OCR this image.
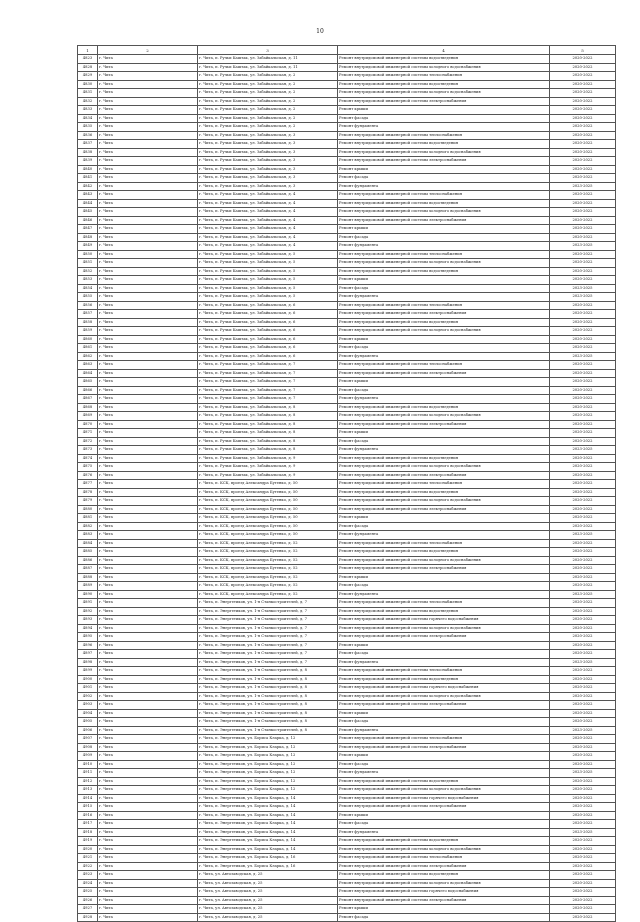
10
1	2	3	4	5
4823	г. Чита	г. Чита, п. Ручьи Каштак, ул. Забайкальская, д. 11	Ремонт внутридомовой инженерной системы водоотведения	2020-2022
4828	г. Чита	г. Чита, п. Ручьи Каштак, ул. Забайкальская, д. 11	Ремонт внутридомовой инженерной системы холодного водоснабжения	2020-2022
4829	г. Чита	г. Чита, п. Ручьи Каштак, ул. Забайкальская, д. 2	Ремонт внутридомовой инженерной системы теплоснабжения	2020-2022
4830	г. Чита	г. Чита, п. Ручьи Каштак, ул. Забайкальская, д. 2	Ремонт внутридомовой инженерной системы водоотведения	2020-2022
4831	г. Чита	г. Чита, п. Ручьи Каштак, ул. Забайкальская, д. 2	Ремонт внутридомовой инженерной системы холодного водоснабжения	2020-2022
4832	г. Чита	г. Чита, п. Ручьи Каштак, ул. Забайкальская, д. 2	Ремонт внутридомовой инженерной системы электроснабжения	2020-2022
4833	г. Чита	г. Чита, п. Ручьи Каштак, ул. Забайкальская, д. 2	Ремонт крыши	2020-2022
4834	г. Чита	г. Чита, п. Ручьи Каштак, ул. Забайкальская, д. 2	Ремонт фасада	2020-2022
4835	г. Чита	г. Чита, п. Ручьи Каштак, ул. Забайкальская, д. 2	Ремонт фундамента	2020-2022
4836	г. Чита	г. Чита, п. Ручьи Каштак, ул. Забайкальская, д. 3	Ремонт внутридомовой инженерной системы теплоснабжения	2020-2022
4837	г. Чита	г. Чита, п. Ручьи Каштак, ул. Забайкальская, д. 3	Ремонт внутридомовой инженерной системы водоотведения	2020-2022
4838	г. Чита	г. Чита, п. Ручьи Каштак, ул. Забайкальская, д. 3	Ремонт внутридомовой инженерной системы холодного водоснабжения	2020-2022
4839	г. Чита	г. Чита, п. Ручьи Каштак, ул. Забайкальская, д. 3	Ремонт внутридомовой инженерной системы электроснабжения	2020-2022
4840	г. Чита	г. Чита, п. Ручьи Каштак, ул. Забайкальская, д. 3	Ремонт крыши	2020-2022
4841	г. Чита	г. Чита, п. Ручьи Каштак, ул. Забайкальская, д. 3	Ремонт фасада	2020-2022
4842	г. Чита	г. Чита, п. Ручьи Каштак, ул. Забайкальская, д. 3	Ремонт фундамента	2023-2025
4843	г. Чита	г. Чита, п. Ручьи Каштак, ул. Забайкальская, д. 4	Ремонт внутридомовой инженерной системы теплоснабжения	2020-2022
4844	г. Чита	г. Чита, п. Ручьи Каштак, ул. Забайкальская, д. 4	Ремонт внутридомовой инженерной системы водоотведения	2020-2022
4845	г. Чита	г. Чита, п. Ручьи Каштак, ул. Забайкальская, д. 4	Ремонт внутридомовой инженерной системы холодного водоснабжения	2020-2022
4846	г. Чита	г. Чита, п. Ручьи Каштак, ул. Забайкальская, д. 4	Ремонт внутридомовой инженерной системы электроснабжения	2020-2022
4847	г. Чита	г. Чита, п. Ручьи Каштак, ул. Забайкальская, д. 4	Ремонт крыши	2020-2022
4848	г. Чита	г. Чита, п. Ручьи Каштак, ул. Забайкальская, д. 4	Ремонт фасада	2020-2022
4849	г. Чита	г. Чита, п. Ручьи Каштак, ул. Забайкальская, д. 4	Ремонт фундамента	2023-2025
4850	г. Чита	г. Чита, п. Ручьи Каштак, ул. Забайкальская, д. 5	Ремонт внутридомовой инженерной системы теплоснабжения	2020-2022
4851	г. Чита	г. Чита, п. Ручьи Каштак, ул. Забайкальская, д. 5	Ремонт внутридомовой инженерной системы холодного водоснабжения	2020-2022
4852	г. Чита	г. Чита, п. Ручьи Каштак, ул. Забайкальская, д. 5	Ремонт внутридомовой инженерной системы водоотведения	2020-2022
4853	г. Чита	г. Чита, п. Ручьи Каштак, ул. Забайкальская, д. 5	Ремонт крыши	2020-2022
4854	г. Чита	г. Чита, п. Ручьи Каштак, ул. Забайкальская, д. 5	Ремонт фасада	2023-2025
4855	г. Чита	г. Чита, п. Ручьи Каштак, ул. Забайкальская, д. 5	Ремонт фундамента	2023-2025
4856	г. Чита	г. Чита, п. Ручьи Каштак, ул. Забайкальская, д. 6	Ремонт внутридомовой инженерной системы теплоснабжения	2020-2022
4857	г. Чита	г. Чита, п. Ручьи Каштак, ул. Забайкальская, д. 6	Ремонт внутридомовой инженерной системы электроснабжения	2020-2022
4858	г. Чита	г. Чита, п. Ручьи Каштак, ул. Забайкальская, д. 6	Ремонт внутридомовой инженерной системы водоотведения	2020-2022
4859	г. Чита	г. Чита, п. Ручьи Каштак, ул. Забайкальская, д. 6	Ремонт внутридомовой инженерной системы холодного водоснабжения	2020-2022
4860	г. Чита	г. Чита, п. Ручьи Каштак, ул. Забайкальская, д. 6	Ремонт крыши	2020-2022
4861	г. Чита	г. Чита, п. Ручьи Каштак, ул. Забайкальская, д. 6	Ремонт фасада	2020-2022
4862	г. Чита	г. Чита, п. Ручьи Каштак, ул. Забайкальская, д. 6	Ремонт фундамента	2023-2025
4863	г. Чита	г. Чита, п. Ручьи Каштак, ул. Забайкальская, д. 7	Ремонт внутридомовой инженерной системы теплоснабжения	2020-2022
4864	г. Чита	г. Чита, п. Ручьи Каштак, ул. Забайкальская, д. 7	Ремонт внутридомовой инженерной системы электроснабжения	2020-2022
4865	г. Чита	г. Чита, п. Ручьи Каштак, ул. Забайкальская, д. 7	Ремонт крыши	2020-2022
4866	г. Чита	г. Чита, п. Ручьи Каштак, ул. Забайкальская, д. 7	Ремонт фасада	2020-2022
4867	г. Чита	г. Чита, п. Ручьи Каштак, ул. Забайкальская, д. 7	Ремонт фундамента	2020-2022
4868	г. Чита	г. Чита, п. Ручьи Каштак, ул. Забайкальская, д. 8	Ремонт внутридомовой инженерной системы водоотведения	2020-2022
4869	г. Чита	г. Чита, п. Ручьи Каштак, ул. Забайкальская, д. 8	Ремонт внутридомовой инженерной системы холодного водоснабжения	2020-2022
4870	г. Чита	г. Чита, п. Ручьи Каштак, ул. Забайкальская, д. 8	Ремонт внутридомовой инженерной системы электроснабжения	2020-2022
4871	г. Чита	г. Чита, п. Ручьи Каштак, ул. Забайкальская, д. 8	Ремонт крыши	2020-2022
4872	г. Чита	г. Чита, п. Ручьи Каштак, ул. Забайкальская, д. 8	Ремонт фасада	2020-2022
4873	г. Чита	г. Чита, п. Ручьи Каштак, ул. Забайкальская, д. 8	Ремонт фундамента	2023-2025
4874	г. Чита	г. Чита, п. Ручьи Каштак, ул. Забайкальская, д. 9	Ремонт внутридомовой инженерной системы водоотведения	2020-2022
4875	г. Чита	г. Чита, п. Ручьи Каштак, ул. Забайкальская, д. 9	Ремонт внутридомовой инженерной системы холодного водоснабжения	2020-2022
4876	г. Чита	г. Чита, п. Ручьи Каштак, ул. Забайкальская, д. 9	Ремонт внутридомовой инженерной системы электроснабжения	2020-2022
4877	г. Чита	г. Чита, п. КСК, проезд Александра Бутенко, д. 50	Ремонт внутридомовой инженерной системы теплоснабжения	2020-2022
4878	г. Чита	г. Чита, п. КСК, проезд Александра Бутенко, д. 50	Ремонт внутридомовой инженерной системы водоотведения	2020-2022
4879	г. Чита	г. Чита, п. КСК, проезд Александра Бутенко, д. 50	Ремонт внутридомовой инженерной системы холодного водоснабжения	2020-2022
4880	г. Чита	г. Чита, п. КСК, проезд Александра Бутенко, д. 50	Ремонт внутридомовой инженерной системы электроснабжения	2020-2022
4881	г. Чита	г. Чита, п. КСК, проезд Александра Бутенко, д. 50	Ремонт крыши	2020-2022
4882	г. Чита	г. Чита, п. КСК, проезд Александра Бутенко, д. 50	Ремонт фасада	2020-2022
4883	г. Чита	г. Чита, п. КСК, проезд Александра Бутенко, д. 50	Ремонт фундамента	2023-2025
4884	г. Чита	г. Чита, п. КСК, проезд Александра Бутенко, д. 52	Ремонт внутридомовой инженерной системы теплоснабжения	2020-2022
4885	г. Чита	г. Чита, п. КСК, проезд Александра Бутенко, д. 52	Ремонт внутридомовой инженерной системы водоотведения	2020-2022
4886	г. Чита	г. Чита, п. КСК, проезд Александра Бутенко, д. 52	Ремонт внутридомовой инженерной системы холодного водоснабжения	2020-2022
4887	г. Чита	г. Чита, п. КСК, проезд Александра Бутенко, д. 52	Ремонт внутридомовой инженерной системы электроснабжения	2020-2022
4888	г. Чита	г. Чита, п. КСК, проезд Александра Бутенко, д. 52	Ремонт крыши	2020-2022
4889	г. Чита	г. Чита, п. КСК, проезд Александра Бутенко, д. 52	Ремонт фасада	2020-2022
4890	г. Чита	г. Чита, п. КСК, проезд Александра Бутенко, д. 52	Ремонт фундамента	2023-2025
4891	г. Чита	г. Чита, п. Энергетиков, ул. 1-я Станкостроителей, д. 7	Ремонт внутридомовой инженерной системы теплоснабжения	2020-2022
4892	г. Чита	г. Чита, п. Энергетиков, ул. 1-я Станкостроителей, д. 7	Ремонт внутридомовой инженерной системы водоотведения	2020-2022
4893	г. Чита	г. Чита, п. Энергетиков, ул. 1-я Станкостроителей, д. 7	Ремонт внутридомовой инженерной системы горячего водоснабжения	2020-2022
4894	г. Чита	г. Чита, п. Энергетиков, ул. 1-я Станкостроителей, д. 7	Ремонт внутридомовой инженерной системы холодного водоснабжения	2020-2022
4895	г. Чита	г. Чита, п. Энергетиков, ул. 1-я Станкостроителей, д. 7	Ремонт внутридомовой инженерной системы электроснабжения	2020-2022
4896	г. Чита	г. Чита, п. Энергетиков, ул. 1-я Станкостроителей, д. 7	Ремонт крыши	2020-2022
4897	г. Чита	г. Чита, п. Энергетиков, ул. 1-я Станкостроителей, д. 7	Ремонт фасада	2020-2022
4898	г. Чита	г. Чита, п. Энергетиков, ул. 1-я Станкостроителей, д. 7	Ремонт фундамента	2023-2025
4899	г. Чита	г. Чита, п. Энергетиков, ул. 1-я Станкостроителей, д. 8	Ремонт внутридомовой инженерной системы теплоснабжения	2020-2022
4900	г. Чита	г. Чита, п. Энергетиков, ул. 1-я Станкостроителей, д. 8	Ремонт внутридомовой инженерной системы водоотведения	2020-2022
4901	г. Чита	г. Чита, п. Энергетиков, ул. 1-я Станкостроителей, д. 8	Ремонт внутридомовой инженерной системы горячего водоснабжения	2020-2022
4902	г. Чита	г. Чита, п. Энергетиков, ул. 1-я Станкостроителей, д. 8	Ремонт внутридомовой инженерной системы холодного водоснабжения	2020-2022
4903	г. Чита	г. Чита, п. Энергетиков, ул. 1-я Станкостроителей, д. 8	Ремонт внутридомовой инженерной системы электроснабжения	2020-2022
4904	г. Чита	г. Чита, п. Энергетиков, ул. 1-я Станкостроителей, д. 8	Ремонт крыши	2020-2022
4905	г. Чита	г. Чита, п. Энергетиков, ул. 1-я Станкостроителей, д. 8	Ремонт фасада	2020-2022
4906	г. Чита	г. Чита, п. Энергетиков, ул. 1-я Станкостроителей, д. 8	Ремонт фундамента	2023-2025
4907	г. Чита	г. Чита, п. Энергетиков, ул. Бориса Кларка, д. 12	Ремонт внутридомовой инженерной системы теплоснабжения	2020-2022
4908	г. Чита	г. Чита, п. Энергетиков, ул. Бориса Кларка, д. 12	Ремонт внутридомовой инженерной системы электроснабжения	2020-2022
4909	г. Чита	г. Чита, п. Энергетиков, ул. Бориса Кларка, д. 12	Ремонт крыши	2020-2022
4910	г. Чита	г. Чита, п. Энергетиков, ул. Бориса Кларка, д. 12	Ремонт фасада	2020-2022
4911	г. Чита	г. Чита, п. Энергетиков, ул. Бориса Кларка, д. 12	Ремонт фундамента	2023-2025
4912	г. Чита	г. Чита, п. Энергетиков, ул. Бориса Кларка, д. 12	Ремонт внутридомовой инженерной системы водоотведения	2020-2022
4913	г. Чита	г. Чита, п. Энергетиков, ул. Бориса Кларка, д. 12	Ремонт внутридомовой инженерной системы холодного водоснабжения	2020-2022
4914	г. Чита	г. Чита, п. Энергетиков, ул. Бориса Кларка, д. 14	Ремонт внутридомовой инженерной системы горячего водоснабжения	2020-2022
4915	г. Чита	г. Чита, п. Энергетиков, ул. Бориса Кларка, д. 14	Ремонт внутридомовой инженерной системы электроснабжения	2020-2022
4916	г. Чита	г. Чита, п. Энергетиков, ул. Бориса Кларка, д. 14	Ремонт крыши	2020-2022
4917	г. Чита	г. Чита, п. Энергетиков, ул. Бориса Кларка, д. 14	Ремонт фасада	2020-2022
4918	г. Чита	г. Чита, п. Энергетиков, ул. Бориса Кларка, д. 14	Ремонт фундамента	2023-2025
4919	г. Чита	г. Чита, п. Энергетиков, ул. Бориса Кларка, д. 14	Ремонт внутридомовой инженерной системы водоотведения	2020-2022
4920	г. Чита	г. Чита, п. Энергетиков, ул. Бориса Кларка, д. 14	Ремонт внутридомовой инженерной системы холодного водоснабжения	2020-2022
4921	г. Чита	г. Чита, п. Энергетиков, ул. Бориса Кларка, д. 16	Ремонт внутридомовой инженерной системы теплоснабжения	2020-2022
4922	г. Чита	г. Чита, п. Энергетиков, ул. Бориса Кларка, д. 16	Ремонт внутридомовой инженерной системы электроснабжения	2020-2022
4923	г. Чита	г. Чита, ул. Автозаводская, д. 25	Ремонт внутридомовой инженерной системы водоотведения	2020-2022
4924	г. Чита	г. Чита, ул. Автозаводская, д. 25	Ремонт внутридомовой инженерной системы холодного водоснабжения	2020-2022
4925	г. Чита	г. Чита, ул. Автозаводская, д. 25	Ремонт внутридомовой инженерной системы горячего водоснабжения	2020-2022
4926	г. Чита	г. Чита, ул. Автозаводская, д. 25	Ремонт внутридомовой инженерной системы электроснабжения	2020-2022
4927	г. Чита	г. Чита, ул. Автозаводская, д. 25	Ремонт крыши	2020-2022
4928	г. Чита	г. Чита, ул. Автозаводская, д. 25	Ремонт фасада	2020-2022
